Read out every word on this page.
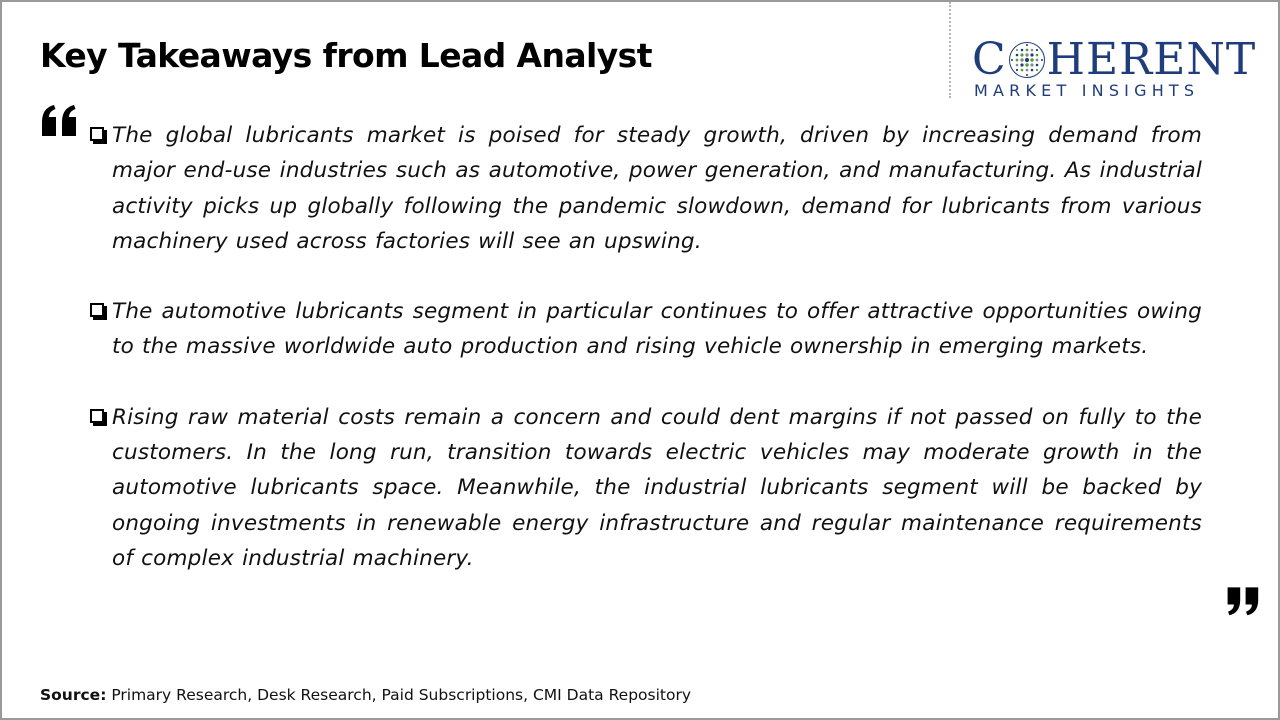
Key Takeaways from Lead Analyst	C HERENT
MARKET INSIGHTS
The global lubricants market is poised for steady growth, driven by increasing demand from major end-use industries such as automotive, power generation, and manufacturing. As industrial activity picks up globally following the pandemic slowdown, demand for lubricants from various machinery used across factories will see an upswing.
The automotive lubricants segment in particular continues to offer attractive opportunities owing to the massive worldwide auto production and rising vehicle ownership in emerging markets.
Rising raw material costs remain a concern and could dent margins if not passed on fully to the customers. In the long run, transition towards electric vehicles may moderate growth in the automotive lubricants space. Meanwhile, the industrial lubricants segment will be backed by ongoing investments in renewable energy infrastructure and regular maintenance requirements of complex industrial machinery.
Source: Primary Research, Desk Research, Paid Subscriptions, CMI Data Repository
